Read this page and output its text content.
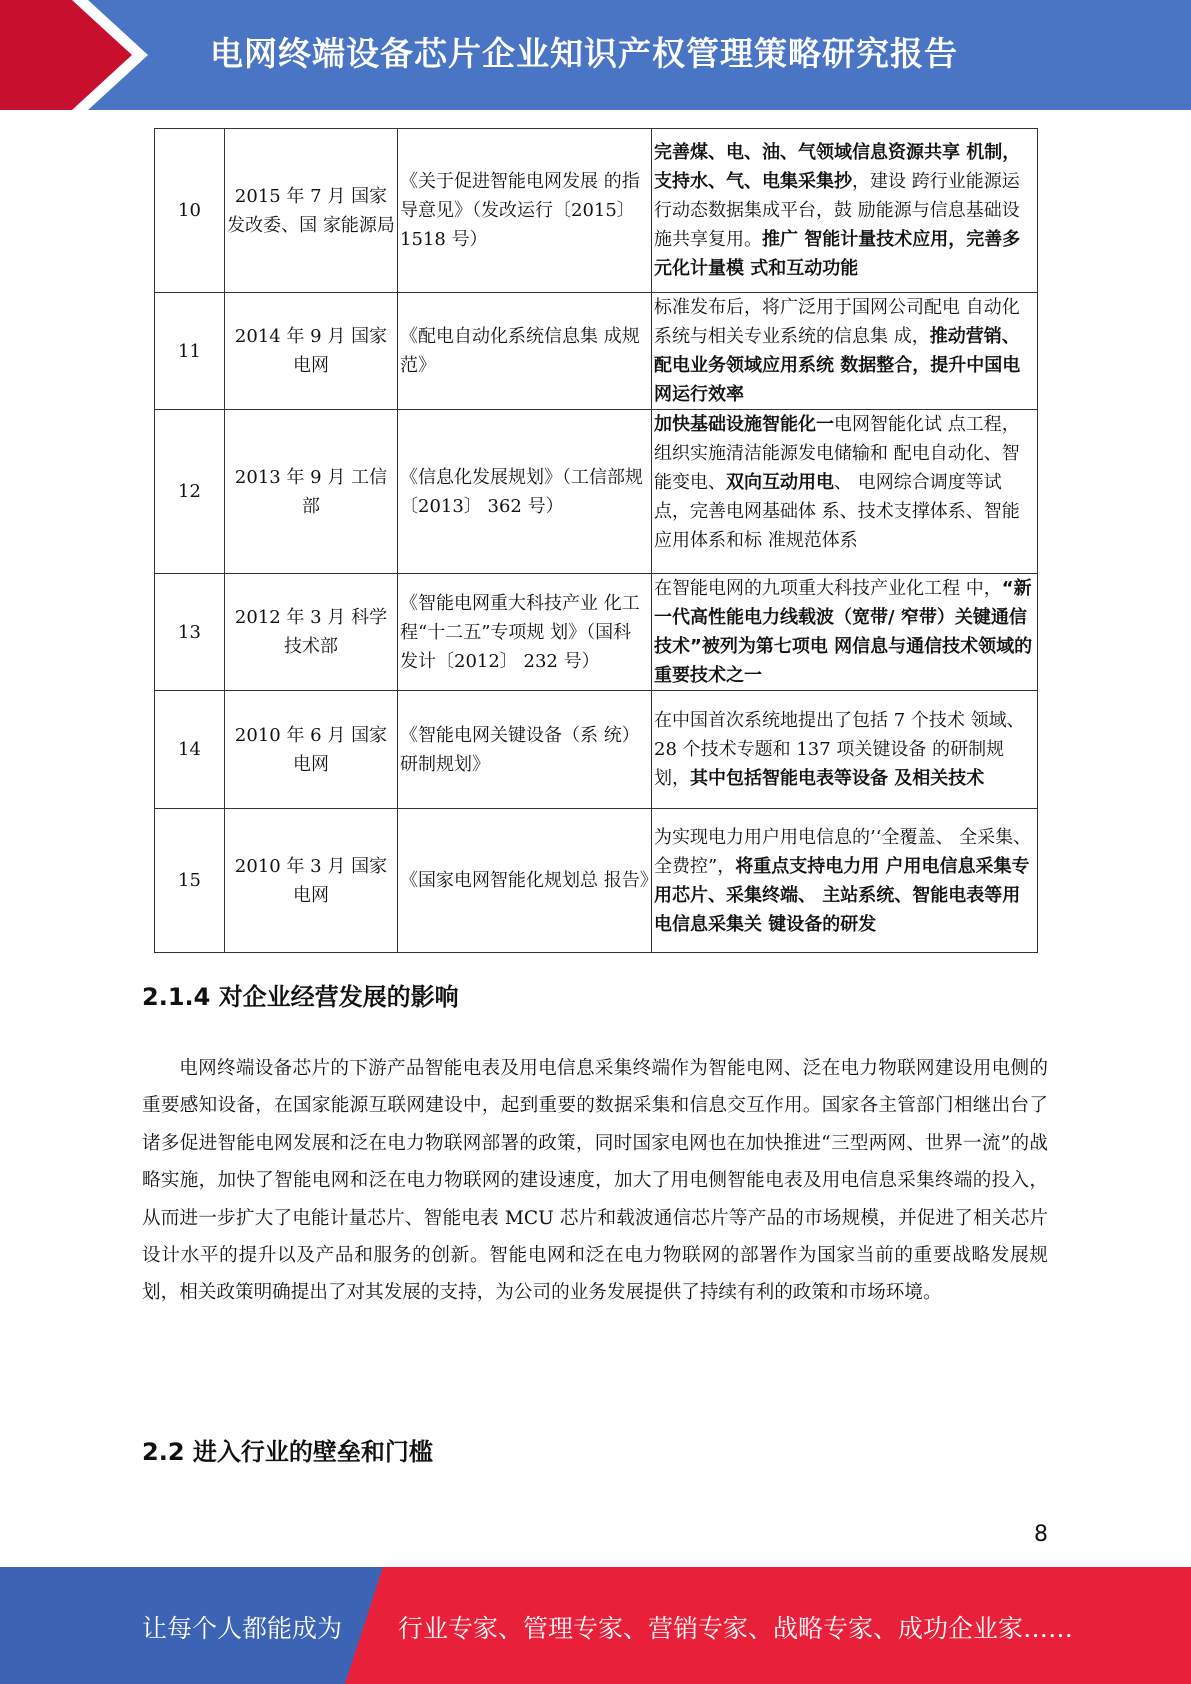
电网终端设备芯片企业知识产权管理策略研究报告
10	2015 年 7 月 国家发改委、国 家能源局	《关于促进智能电网发展 的指导意见》（发改运行〔2015〕1518 号）	完善煤、电、油、气领域信息资源共享 机制，支持水、气、电集采集抄，建设 跨行业能源运行动态数据集成平台，鼓 励能源与信息基础设施共享复用。推广 智能计量技术应用，完善多元化计量模 式和互动功能
11	2014 年 9 月 国家电网	《配电自动化系统信息集 成规范》	标准发布后，将广泛用于国网公司配电 自动化系统与相关专业系统的信息集 成，推动营销、配电业务领域应用系统 数据整合，提升中国电网运行效率
12	2013 年 9 月 工信部	《信息化发展规划》（工信部规〔2013〕 362 号）	加快基础设施智能化一电网智能化试 点工程，组织实施清洁能源发电储输和 配电自动化、智能变电、双向互动用电、 电网综合调度等试点，完善电网基础体 系、技术支撑体系、智能应用体系和标 准规范体系
13	2012 年 3 月 科学技术部	《智能电网重大科技产业 化工程“十二五”专项规 划》（国科发计〔2012〕 232 号）	在智能电网的九项重大科技产业化工程 中，“新一代高性能电力线载波（宽带/ 窄带）关键通信技术”被列为第七项电 网信息与通信技术领域的重要技术之一
14	2010 年 6 月 国家电网	《智能电网关键设备（系 统）研制规划》	在中国首次系统地提出了包括 7 个技术 领域、28 个技术专题和 137 项关键设备 的研制规划，其中包括智能电表等设备 及相关技术
15	2010 年 3 月 国家电网	《国家电网智能化规划总 报告》	为实现电力用户用电信息的’‘全覆盖、 全采集、全费控”，将重点支持电力用 户用电信息采集专用芯片、采集终端、 主站系统、智能电表等用电信息采集关 键设备的研发
2.1.4 对企业经营发展的影响

电网终端设备芯片的下游产品智能电表及用电信息采集终端作为智能电网、泛在电力物联网建设用电侧的重要感知设备，在国家能源互联网建设中，起到重要的数据采集和信息交互作用。国家各主管部门相继出台了诸多促进智能电网发展和泛在电力物联网部署的政策，同时国家电网也在加快推进“三型两网、世界一流”的战略实施，加快了智能电网和泛在电力物联网的建设速度，加大了用电侧智能电表及用电信息采集终端的投入，从而进一步扩大了电能计量芯片、智能电表 MCU 芯片和载波通信芯片等产品的市场规模，并促进了相关芯片设计水平的提升以及产品和服务的创新。智能电网和泛在电力物联网的部署作为国家当前的重要战略发展规划，相关政策明确提出了对其发展的支持，为公司的业务发展提供了持续有利的政策和市场环境。

2.2 进入行业的壁垒和门槛
8
让每个人都能成为 行业专家、管理专家、营销专家、战略专家、成功企业家……
